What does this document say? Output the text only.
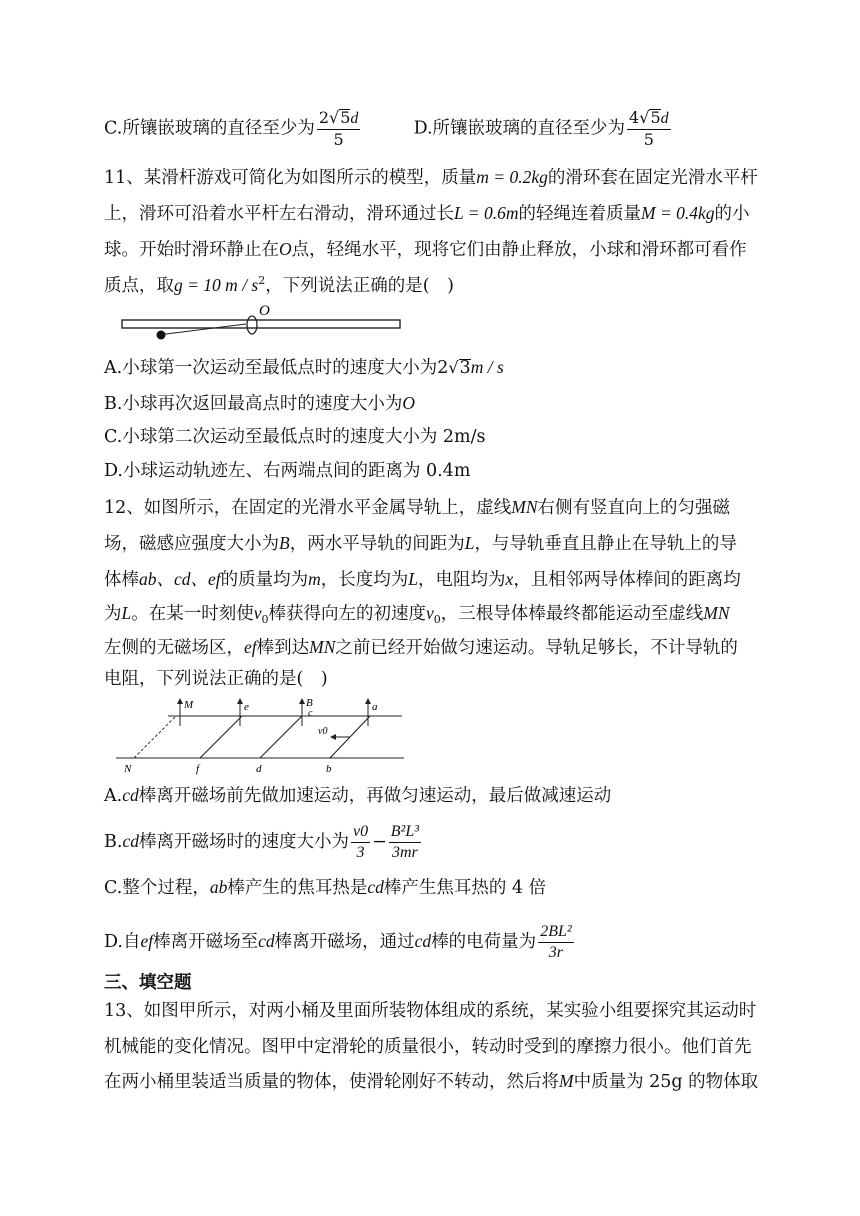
C.所镶嵌玻璃的直径至少为 $\frac{2√5d}{5}$	D.所镶嵌玻璃的直径至少为 $\frac{4√5d}{5}$
11、某滑杆游戏可简化为如图所示的模型，质量m = 0.2kg的滑环套在固定光滑水平杆
上，滑环可沿着水平杆左右滑动，滑环通过长L = 0.6m的轻绳连着质量M = 0.4kg的小
球。开始时滑环静止在O点，轻绳水平，现将它们由静止释放，小球和滑环都可看作
质点，取g = 10 m / $s^2$，下列说法正确的是(　)
O
A.小球第一次运动至最低点时的速度大小为2√3m / s
B.小球再次返回最高点时的速度大小为O
C.小球第二次运动至最低点时的速度大小为 2m/s
D.小球运动轨迹左、右两端点间的距离为 0.4m
12、如图所示，在固定的光滑水平金属导轨上，虚线MN右侧有竖直向上的匀强磁
场，磁感应强度大小为B，两水平导轨的间距为L，与导轨垂直且静止在导轨上的导
体棒ab、cd、ef的质量均为m，长度均为L，电阻均为x，且相邻两导体棒间的距离均
为L。在某一时刻使$v_0$棒获得向左的初速度$v_0$，三根导体棒最终都能运动至虚线MN
左侧的无磁场区，ef棒到达MN之前已经开始做匀速运动。导轨足够长，不计导轨的
电阻，下列说法正确的是(　)
M	e	B
c
a
v0
N	f	d	b
A.cd棒离开磁场前先做加速运动，再做匀速运动，最后做减速运动
B.cd棒离开磁场时的速度大小为 $\frac{v0}{3} - \frac{\text{B²L³}}{3mr}$
C.整个过程，ab棒产生的焦耳热是cd棒产生焦耳热的 4 倍
D.自ef棒离开磁场至cd棒离开磁场，通过cd棒的电荷量为 $\frac{\text{2BL²}}{3r}$
三、填空题
13、如图甲所示，对两小桶及里面所装物体组成的系统，某实验小组要探究其运动时
机械能的变化情况。图甲中定滑轮的质量很小，转动时受到的摩擦力很小。他们首先
在两小桶里装适当质量的物体，使滑轮刚好不转动，然后将M中质量为 25g 的物体取
